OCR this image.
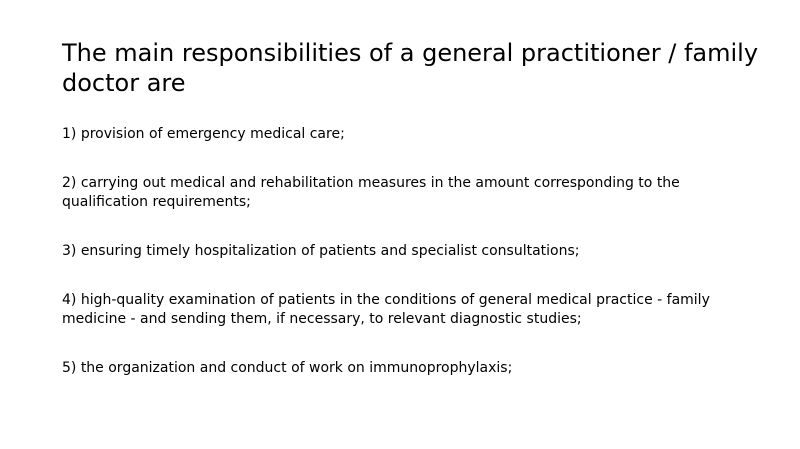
The main responsibilities of a general practitioner / family doctor are
1) provision of emergency medical care;
2) carrying out medical and rehabilitation measures in the amount corresponding to the qualification requirements;
3) ensuring timely hospitalization of patients and specialist consultations;
4) high-quality examination of patients in the conditions of general medical practice - family medicine - and sending them, if necessary, to relevant diagnostic studies;
5) the organization and conduct of work on immunoprophylaxis;
